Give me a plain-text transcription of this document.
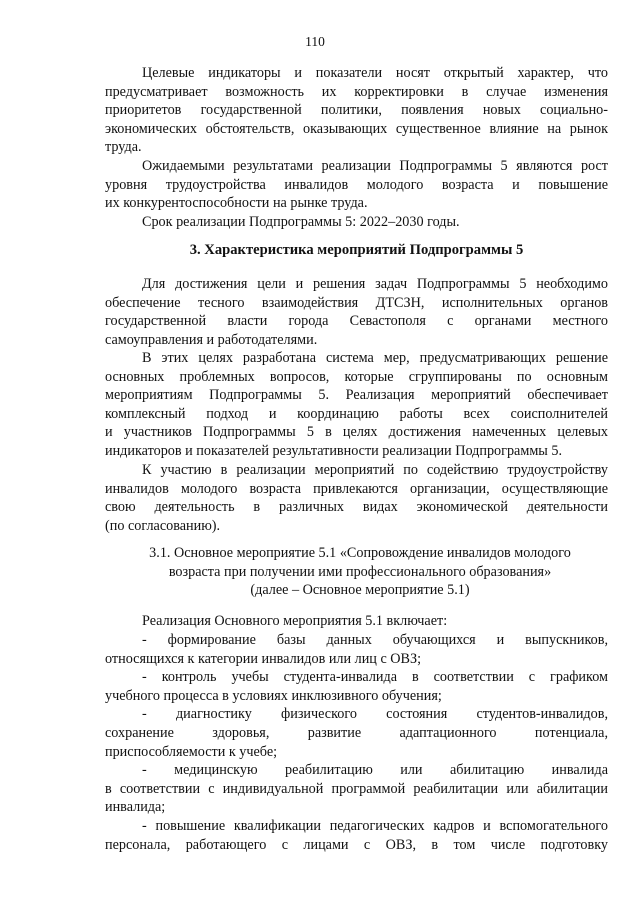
110
Целевые индикаторы и показатели носят открытый характер, что
предусматривает возможность их корректировки в случае изменения
приоритетов государственной политики, появления новых социально-
экономических обстоятельств, оказывающих существенное влияние на рынок
труда.
Ожидаемыми результатами реализации Подпрограммы 5 являются рост
уровня трудоустройства инвалидов молодого возраста и повышение
их конкурентоспособности на рынке труда.
Срок реализации Подпрограммы 5: 2022–2030 годы.
3. Характеристика мероприятий Подпрограммы 5
Для достижения цели и решения задач Подпрограммы 5 необходимо
обеспечение тесного взаимодействия ДТСЗН, исполнительных органов
государственной власти города Севастополя с органами местного
самоуправления и работодателями.
В этих целях разработана система мер, предусматривающих решение
основных проблемных вопросов, которые сгруппированы по основным
мероприятиям Подпрограммы 5. Реализация мероприятий обеспечивает
комплексный подход и координацию работы всех соисполнителей
и участников Подпрограммы 5 в целях достижения намеченных целевых
индикаторов и показателей результативности реализации Подпрограммы 5.
К участию в реализации мероприятий по содействию трудоустройству
инвалидов молодого возраста привлекаются организации, осуществляющие
свою деятельность в различных видах экономической деятельности
(по согласованию).
3.1. Основное мероприятие 5.1 «Сопровождение инвалидов молодого
возраста при получении ими профессионального образования»
(далее – Основное мероприятие 5.1)
Реализация Основного мероприятия 5.1 включает:
- формирование базы данных обучающихся и выпускников,
относящихся к категории инвалидов или лиц с ОВЗ;
- контроль учебы студента-инвалида в соответствии с графиком
учебного процесса в условиях инклюзивного обучения;
- диагностику физического состояния студентов-инвалидов,
сохранение здоровья, развитие адаптационного потенциала,
приспособляемости к учебе;
- медицинскую реабилитацию или абилитацию инвалида
в соответствии с индивидуальной программой реабилитации или абилитации
инвалида;
- повышение квалификации педагогических кадров и вспомогательного
персонала, работающего с лицами с ОВЗ, в том числе подготовку
